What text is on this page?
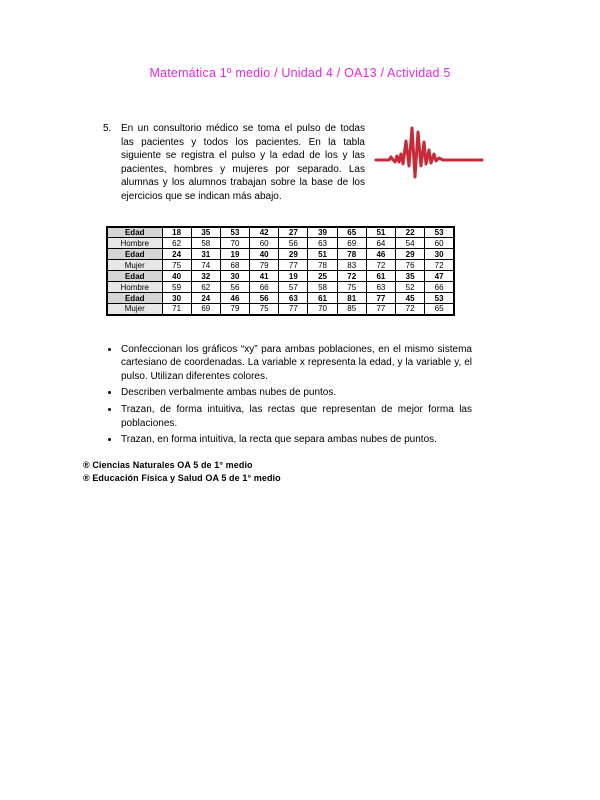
Matemática 1º medio / Unidad 4 / OA13 / Actividad 5
5. En un consultorio médico se toma el pulso de todas las pacientes y todos los pacientes. En la tabla siguiente se registra el pulso y la edad de los y las pacientes, hombres y mujeres por separado. Las alumnas y los alumnos trabajan sobre la base de los ejercicios que se indican más abajo.
Edad	18	35	53	42	27	39	65	51	22	53
Hombre	62	58	70	60	56	63	69	64	54	60
Edad	24	31	19	40	29	51	78	46	29	30
Mujer	75	74	68	79	77	78	83	72	76	72
Edad	40	32	30	41	19	25	72	61	35	47
Hombre	59	62	56	66	57	58	75	63	52	66
Edad	30	24	46	56	63	61	81	77	45	53
Mujer	71	69	79	75	77	70	85	77	72	65
• Confeccionan los gráficos “xy” para ambas poblaciones, en el mismo sistema cartesiano de coordenadas. La variable x representa la edad, y la variable y, el pulso. Utilizan diferentes colores.
• Describen verbalmente ambas nubes de puntos.
• Trazan, de forma intuitiva, las rectas que representan de mejor forma las poblaciones.
• Trazan, en forma intuitiva, la recta que separa ambas nubes de puntos.
® Ciencias Naturales OA 5 de 1° medio
® Educación Física y Salud OA 5 de 1° medio
